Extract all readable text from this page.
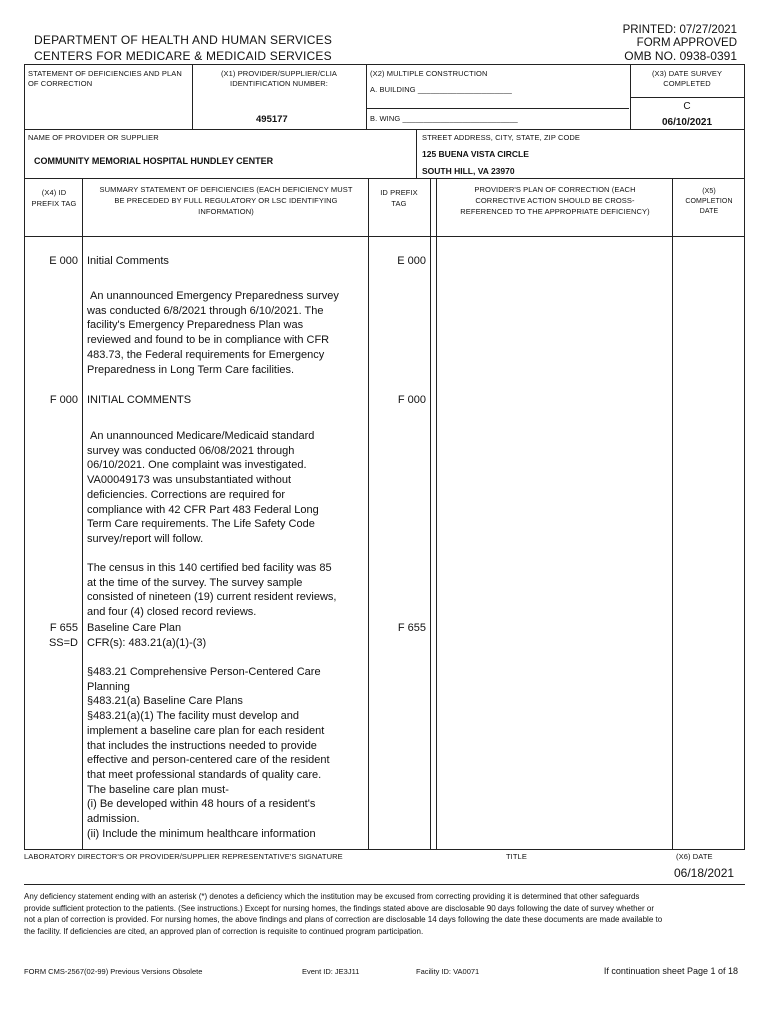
DEPARTMENT OF HEALTH AND HUMAN SERVICES
CENTERS FOR MEDICARE & MEDICAID SERVICES
PRINTED: 07/27/2021
FORM APPROVED
OMB NO. 0938-0391
STATEMENT OF DEFICIENCIES AND PLAN OF CORRECTION
(X1) PROVIDER/SUPPLIER/CLIA IDENTIFICATION NUMBER:
495177
(X2) MULTIPLE CONSTRUCTION
A. BUILDING ______________________
B. WING ___________________________
(X3) DATE SURVEY COMPLETED
C
06/10/2021
NAME OF PROVIDER OR SUPPLIER
COMMUNITY MEMORIAL HOSPITAL HUNDLEY CENTER
STREET ADDRESS, CITY, STATE, ZIP CODE
125 BUENA VISTA CIRCLE
SOUTH HILL, VA 23970
(X4) ID PREFIX TAG
SUMMARY STATEMENT OF DEFICIENCIES (EACH DEFICIENCY MUST BE PRECEDED BY FULL REGULATORY OR LSC IDENTIFYING INFORMATION)
ID PREFIX TAG
PROVIDER'S PLAN OF CORRECTION (EACH CORRECTIVE ACTION SHOULD BE CROSS-REFERENCED TO THE APPROPRIATE DEFICIENCY)
(X5) COMPLETION DATE
E 000 Initial Comments	E 000
An unannounced Emergency Preparedness survey was conducted 6/8/2021 through 6/10/2021. The facility's Emergency Preparedness Plan was reviewed and found to be in compliance with CFR 483.73, the Federal requirements for Emergency Preparedness in Long Term Care facilities.
F 000 INITIAL COMMENTS	F 000
An unannounced Medicare/Medicaid standard survey was conducted 06/08/2021 through 06/10/2021. One complaint was investigated. VA00049173 was unsubstantiated without deficiencies. Corrections are required for compliance with 42 CFR Part 483 Federal Long Term Care requirements. The Life Safety Code survey/report will follow.
The census in this 140 certified bed facility was 85 at the time of the survey. The survey sample consisted of nineteen (19) current resident reviews, and four (4) closed record reviews.
F 655
SS=D
Baseline Care Plan
CFR(s): 483.21(a)(1)-(3)
F 655
§483.21 Comprehensive Person-Centered Care
Planning
§483.21(a) Baseline Care Plans
§483.21(a)(1) The facility must develop and
implement a baseline care plan for each resident
that includes the instructions needed to provide
effective and person-centered care of the resident
that meet professional standards of quality care.
The baseline care plan must-
(i) Be developed within 48 hours of a resident's
admission.
(ii) Include the minimum healthcare information
LABORATORY DIRECTOR'S OR PROVIDER/SUPPLIER REPRESENTATIVE'S SIGNATURE	TITLE	(X6) DATE
06/18/2021
Any deficiency statement ending with an asterisk (*) denotes a deficiency which the institution may be excused from correcting providing it is determined that other safeguards provide sufficient protection to the patients. (See instructions.) Except for nursing homes, the findings stated above are disclosable 90 days following the date of survey whether or not a plan of correction is provided. For nursing homes, the above findings and plans of correction are disclosable 14 days following the date these documents are made available to the facility. If deficiencies are cited, an approved plan of correction is requisite to continued program participation.
FORM CMS-2567(02-99) Previous Versions Obsolete	Event ID: JE3J11	Facility ID: VA0071	If continuation sheet Page 1 of 18
